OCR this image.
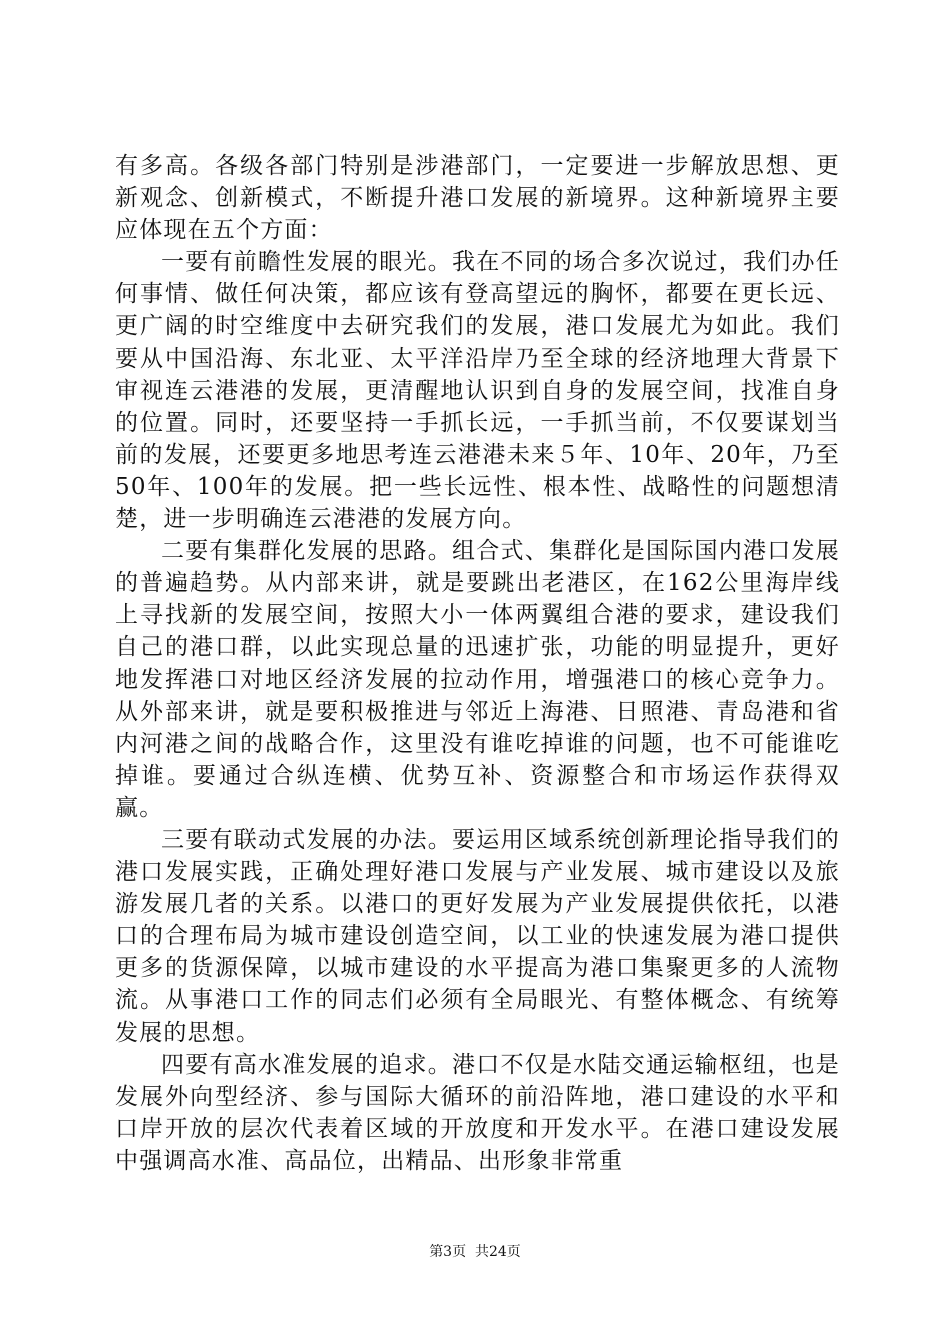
有多高。各级各部门特别是涉港部门，一定要进一步解放思想、更新观念、创新模式，不断提升港口发展的新境界。这种新境界主要应体现在五个方面：

一要有前瞻性发展的眼光。我在不同的场合多次说过，我们办任何事情、做任何决策，都应该有登高望远的胸怀，都要在更长远、更广阔的时空维度中去研究我们的发展，港口发展尤为如此。我们要从中国沿海、东北亚、太平洋沿岸乃至全球的经济地理大背景下审视连云港港的发展，更清醒地认识到自身的发展空间，找准自身的位置。同时，还要坚持一手抓长远，一手抓当前，不仅要谋划当前的发展，还要更多地思考连云港港未来５年、10年、20年，乃至50年、100年的发展。把一些长远性、根本性、战略性的问题想清楚，进一步明确连云港港的发展方向。

二要有集群化发展的思路。组合式、集群化是国际国内港口发展的普遍趋势。从内部来讲，就是要跳出老港区，在162公里海岸线上寻找新的发展空间，按照大小一体两翼组合港的要求，建设我们自己的港口群，以此实现总量的迅速扩张，功能的明显提升，更好地发挥港口对地区经济发展的拉动作用，增强港口的核心竞争力。从外部来讲，就是要积极推进与邻近上海港、日照港、青岛港和省内河港之间的战略合作，这里没有谁吃掉谁的问题，也不可能谁吃掉谁。要通过合纵连横、优势互补、资源整合和市场运作获得双赢。

三要有联动式发展的办法。要运用区域系统创新理论指导我们的港口发展实践，正确处理好港口发展与产业发展、城市建设以及旅游发展几者的关系。以港口的更好发展为产业发展提供依托，以港口的合理布局为城市建设创造空间，以工业的快速发展为港口提供更多的货源保障，以城市建设的水平提高为港口集聚更多的人流物流。从事港口工作的同志们必须有全局眼光、有整体概念、有统筹发展的思想。

四要有高水准发展的追求。港口不仅是水陆交通运输枢纽，也是发展外向型经济、参与国际大循环的前沿阵地，港口建设的水平和口岸开放的层次代表着区域的开放度和开发水平。在港口建设发展中强调高水准、高品位，出精品、出形象非常重

第3页  共24页
